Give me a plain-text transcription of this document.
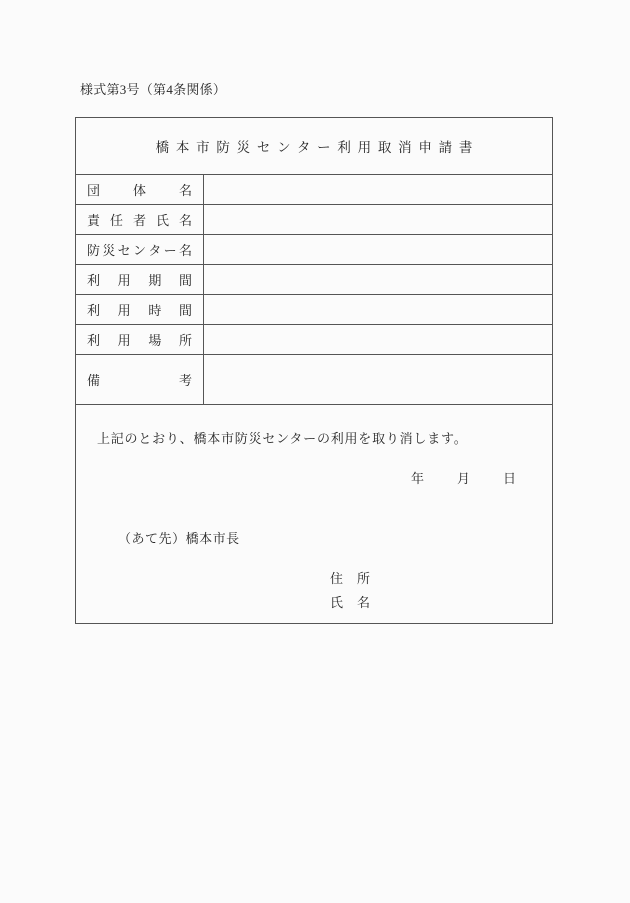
様式第3号（第4条関係）
橋本市防災センター利用取消申請書
団	体	名
責 任 者 氏 名
防 災 セ ン タ ー 名
利 用 期 間
利 用 時 間
利 用 場 所
備	考
上記のとおり、橋本市防災センターの利用を取り消します。
年	月	日
（あて先）橋本市長
住 所
氏 名
